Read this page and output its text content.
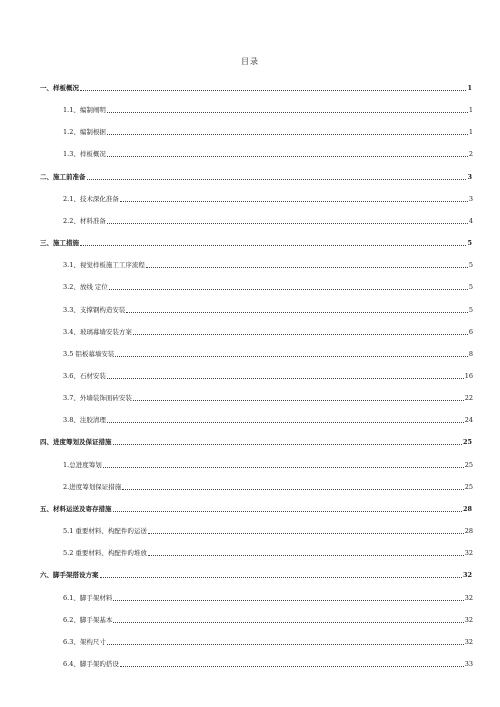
目录
一、样板概况	1
1.1、编制阐明	1
1.2、编制根据	1
1.3、样板概况	2
二、施工前准备	3
2.1、技术深化准备	3
2.2、材料准备	4
三、施工措施	5
3.1、视觉样板施工工序流程	5
3.2、放线 定位	5
3.3、支撑钢构造安装	5
3.4、玻璃幕墙安装方案	6
3.5 铝板幕墙安装	8
3.6、石材安装	16
3.7、外墙装饰面砖安装	22
3.8、注胶清理	24
四、进度筹划及保证措施	25
1.总进度筹划	25
2.进度筹划保证措施	25
五、材料运送及寄存措施	28
5.1 重要材料、构配件旳运送	28
5.2 重要材料、构配件旳堆放	32
六、脚手架搭设方案	32
6.1、脚手架材料	32
6.2、脚手架基本	32
6.3、架构尺寸	32
6.4、脚手架旳搭设	33
